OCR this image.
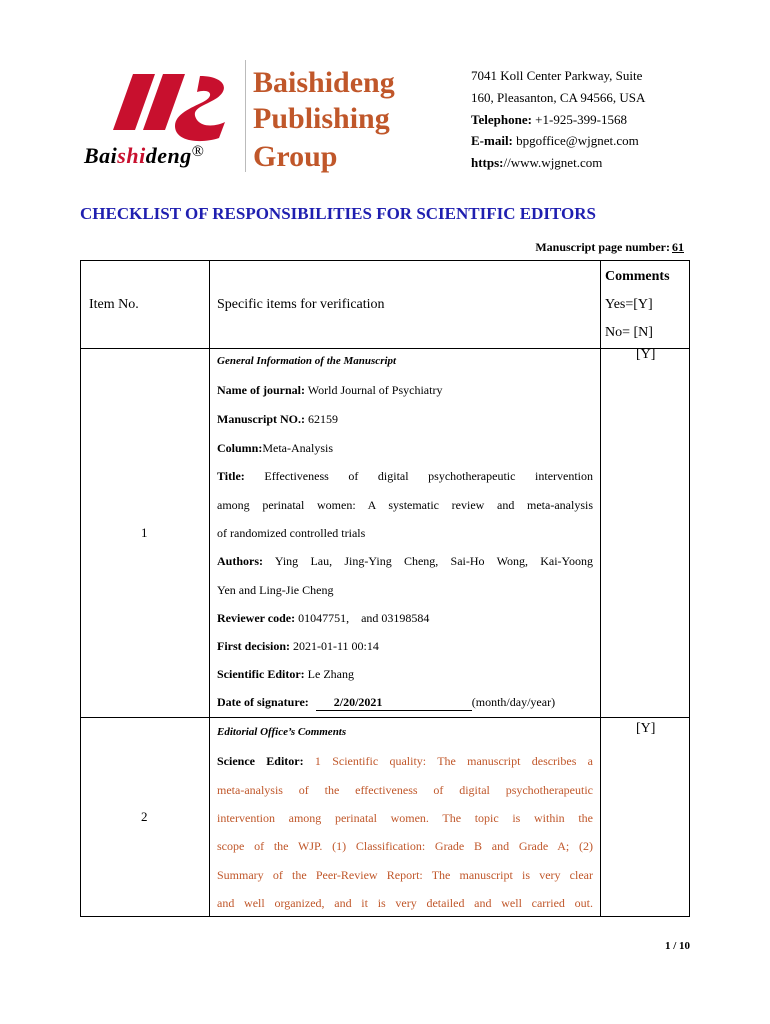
Baishideng®
Baishideng
Publishing
Group
7041 Koll Center Parkway, Suite
160, Pleasanton, CA 94566, USA
Telephone: +1-925-399-1568
E-mail: bpgoffice@wjgnet.com
https://www.wjgnet.com
CHECKLIST OF RESPONSIBILITIES FOR SCIENTIFIC EDITORS
Manuscript page number: 61
Item No.	Specific items for verification
Comments
Yes=[Y]
No= [N]
1
[Y]
General Information of the Manuscript
Name of journal: World Journal of Psychiatry
Manuscript NO.: 62159
Column:Meta-Analysis
Title: Effectiveness of digital psychotherapeutic intervention
among perinatal women: A systematic review and meta-analysis
of randomized controlled trials
Authors: Ying Lau, Jing-Ying Cheng, Sai-Ho Wong, Kai-Yoong
Yen and Ling-Jie Cheng
Reviewer code: 01047751,    and 03198584
First decision: 2021-01-11 00:14
Scientific Editor: Le Zhang
Date of signature: 2/20/2021	(month/day/year)
2
[Y]
Editorial Office’s Comments
Science Editor: 1 Scientific quality: The manuscript describes a
meta-analysis of the effectiveness of digital psychotherapeutic
intervention among perinatal women. The topic is within the
scope of the WJP. (1) Classification: Grade B and Grade A; (2)
Summary of the Peer-Review Report: The manuscript is very clear
and well organized, and it is very detailed and well carried out.
1 / 10
